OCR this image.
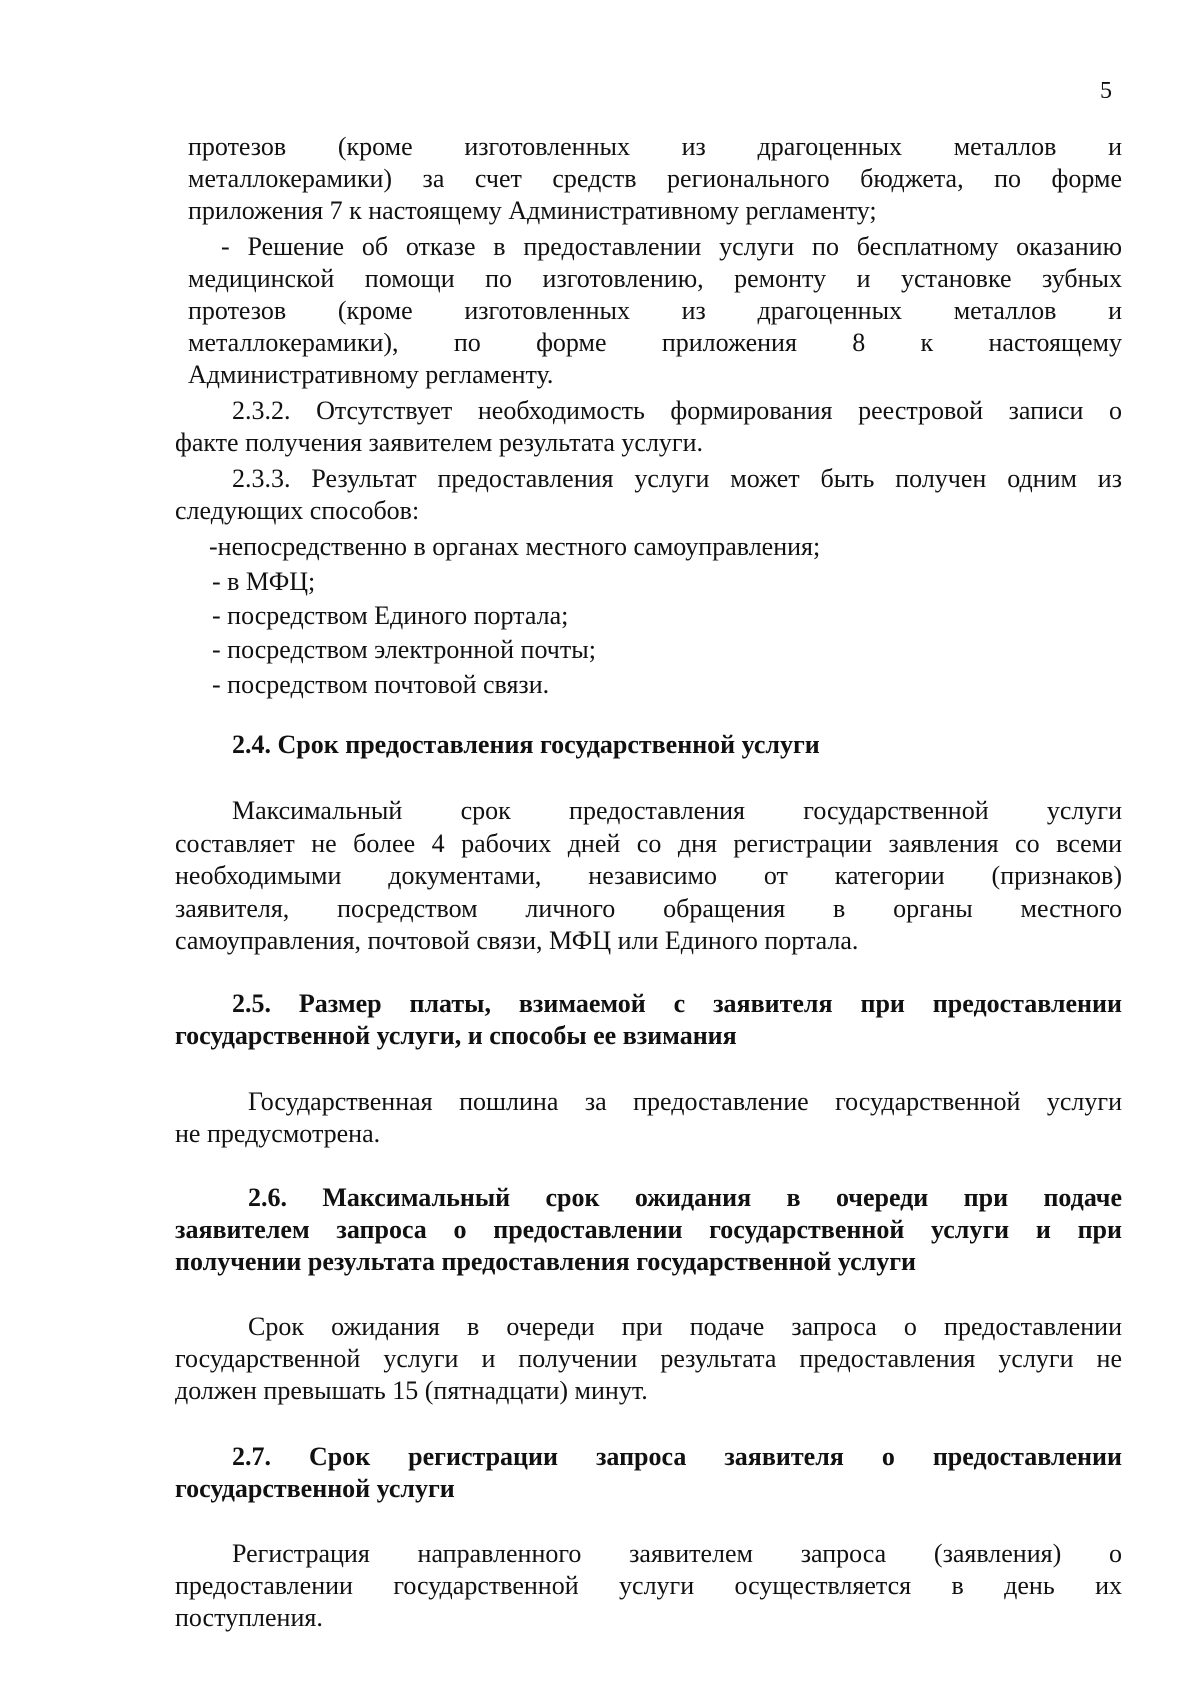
5
протезов (кроме изготовленных из драгоценных металлов и
металлокерамики) за счет средств регионального бюджета, по форме
приложения 7 к настоящему Административному регламенту;
- Решение об отказе в предоставлении услуги по бесплатному оказанию
медицинской помощи по изготовлению, ремонту и установке зубных
протезов (кроме изготовленных из драгоценных металлов и
металлокерамики), по форме приложения 8 к настоящему
Административному регламенту.
2.3.2. Отсутствует необходимость формирования реестровой записи о
факте получения заявителем результата услуги.
2.3.3. Результат предоставления услуги может быть получен одним из
следующих способов:
-непосредственно в органах местного самоуправления;
- в МФЦ;
- посредством Единого портала;
- посредством электронной почты;
- посредством почтовой связи.
2.4. Срок предоставления государственной услуги
Максимальный срок предоставления государственной услуги
составляет не более 4 рабочих дней со дня регистрации заявления со всеми
необходимыми документами, независимо от категории (признаков)
заявителя, посредством личного обращения в органы местного
самоуправления, почтовой связи, МФЦ или Единого портала.
2.5. Размер платы, взимаемой с заявителя при предоставлении
государственной услуги, и способы ее взимания
Государственная пошлина за предоставление государственной услуги
не предусмотрена.
2.6. Максимальный срок ожидания в очереди при подаче
заявителем запроса о предоставлении государственной услуги и при
получении результата предоставления государственной услуги
Срок ожидания в очереди при подаче запроса о предоставлении
государственной услуги и получении результата предоставления услуги не
должен превышать 15 (пятнадцати) минут.
2.7. Срок регистрации запроса заявителя о предоставлении
государственной услуги
Регистрация направленного заявителем запроса (заявления) о
предоставлении государственной услуги осуществляется в день их
поступления.
